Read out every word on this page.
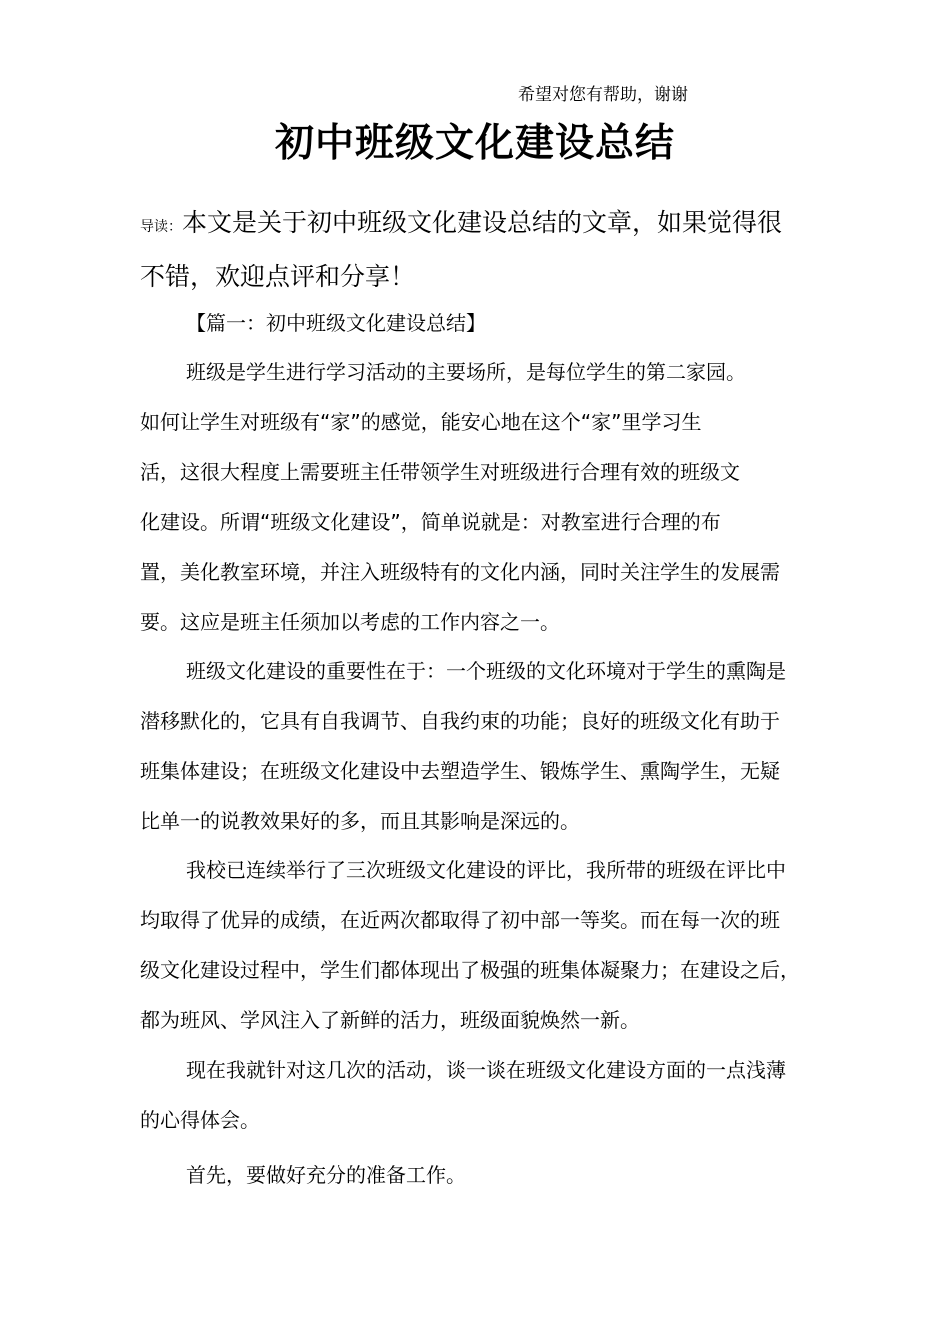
希望对您有帮助，谢谢
初中班级文化建设总结
导读：本文是关于初中班级文化建设总结的文章，如果觉得很
不错，欢迎点评和分享！
【篇一：初中班级文化建设总结】
班级是学生进行学习活动的主要场所，是每位学生的第二家园。
如何让学生对班级有“家”的感觉，能安心地在这个“家”里学习生
活，这很大程度上需要班主任带领学生对班级进行合理有效的班级文
化建设。所谓“班级文化建设”，简单说就是：对教室进行合理的布
置，美化教室环境，并注入班级特有的文化内涵，同时关注学生的发展需
要。这应是班主任须加以考虑的工作内容之一。
班级文化建设的重要性在于：一个班级的文化环境对于学生的熏陶是
潜移默化的，它具有自我调节、自我约束的功能；良好的班级文化有助于
班集体建设；在班级文化建设中去塑造学生、锻炼学生、熏陶学生，无疑
比单一的说教效果好的多，而且其影响是深远的。
我校已连续举行了三次班级文化建设的评比，我所带的班级在评比中
均取得了优异的成绩，在近两次都取得了初中部一等奖。而在每一次的班
级文化建设过程中，学生们都体现出了极强的班集体凝聚力；在建设之后，
都为班风、学风注入了新鲜的活力，班级面貌焕然一新。
现在我就针对这几次的活动，谈一谈在班级文化建设方面的一点浅薄
的心得体会。
首先，要做好充分的准备工作。
